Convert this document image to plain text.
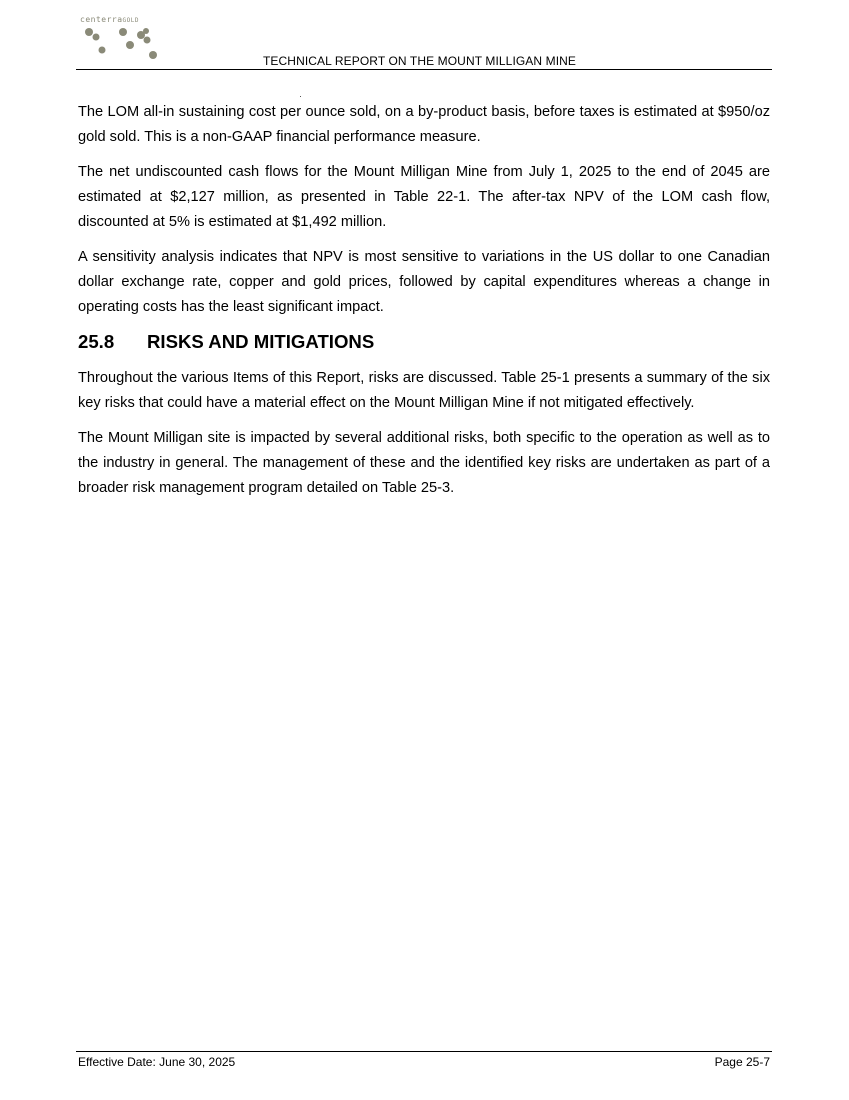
centerraGOLD
TECHNICAL REPORT ON THE MOUNT MILLIGAN MINE

The LOM all-in sustaining cost per ounce sold, on a by-product basis, before taxes is estimated at $950/oz gold sold. This is a non-GAAP financial performance measure.

The net undiscounted cash flows for the Mount Milligan Mine from July 1, 2025 to the end of 2045 are estimated at $2,127 million, as presented in Table 22-1. The after-tax NPV of the LOM cash flow, discounted at 5% is estimated at $1,492 million.

A sensitivity analysis indicates that NPV is most sensitive to variations in the US dollar to one Canadian dollar exchange rate, copper and gold prices, followed by capital expenditures whereas a change in operating costs has the least significant impact.

25.8 RISKS AND MITIGATIONS

Throughout the various Items of this Report, risks are discussed. Table 25-1 presents a summary of the six key risks that could have a material effect on the Mount Milligan Mine if not mitigated effectively.

The Mount Milligan site is impacted by several additional risks, both specific to the operation as well as to the industry in general. The management of these and the identified key risks are undertaken as part of a broader risk management program detailed on Table 25-3.

Effective Date: June 30, 2025	Page 25-7
